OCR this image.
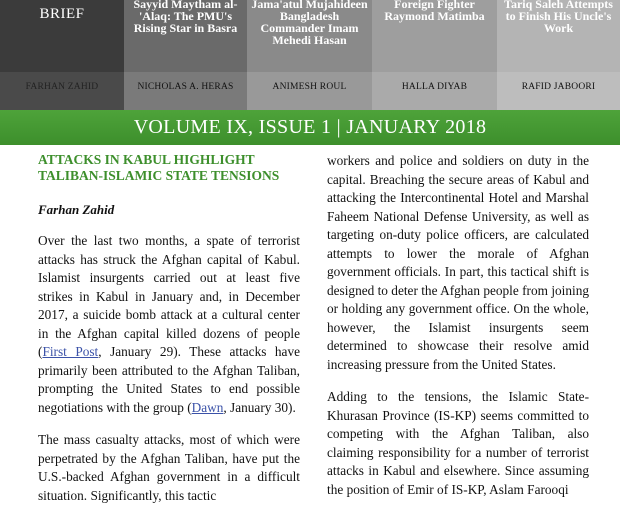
BRIEF
FARHAN ZAHID
Sayyid Maytham al-'Alaq: The PMU's Rising Star in Basra
NICHOLAS A. HERAS
Jama'atul Mujahideen Bangladesh Commander Imam Mehedi Hasan
ANIMESH ROUL
Foreign Fighter Raymond Matimba
HALLA DIYAB
Tariq Saleh Attempts to Finish His Uncle's Work
RAFID JABOORI
VOLUME IX, ISSUE 1 | JANUARY 2018
ATTACKS IN KABUL HIGHLIGHT TALIBAN-ISLAMIC STATE TENSIONS
Farhan Zahid

Over the last two months, a spate of terrorist attacks has struck the Afghan capital of Kabul. Islamist insurgents carried out at least five strikes in Kabul in January and, in December 2017, a suicide bomb attack at a cultural center in the Afghan capital killed dozens of people (First Post, January 29). These attacks have primarily been attributed to the Afghan Taliban, prompting the United States to end possible negotiations with the group (Dawn, January 30).

The mass casualty attacks, most of which were perpetrated by the Afghan Taliban, have put the U.S.-backed Afghan government in a difficult situation. Significantly, this tactic

workers and police and soldiers on duty in the capital. Breaching the secure areas of Kabul and attacking the Intercontinental Hotel and Marshal Faheem National Defense University, as well as targeting on-duty police officers, are calculated attempts to lower the morale of Afghan government officials. In part, this tactical shift is designed to deter the Afghan people from joining or holding any government office. On the whole, however, the Islamist insurgents seem determined to showcase their resolve amid increasing pressure from the United States.

Adding to the tensions, the Islamic State-Khurasan Province (IS-KP) seems committed to competing with the Afghan Taliban, also claiming responsibility for a number of terrorist attacks in Kabul and elsewhere. Since assuming the position of Emir of IS-KP, Aslam Farooqi
